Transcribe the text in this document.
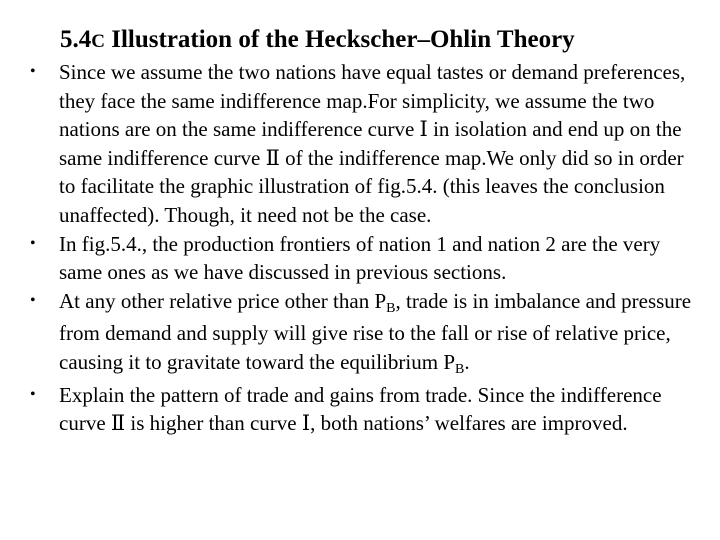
5.4C Illustration of the Heckscher–Ohlin Theory
•	Since we assume the two nations have equal tastes or demand preferences, they face the same indifference map.For simplicity, we assume the two nations are on the same indifference curve Ⅰ in isolation and end up on the same indifference curve Ⅱ of the indifference map.We only did so in order to facilitate the graphic illustration of fig.5.4. (this leaves the conclusion unaffected). Though, it need not be the case.
•	In fig.5.4., the production frontiers of nation 1 and nation 2 are the very same ones as we have discussed in previous sections.
•	At any other relative price other than PB, trade is in imbalance and pressure from demand and supply will give rise to the fall or rise of relative price, causing it to gravitate toward the equilibrium PB.
•	Explain the pattern of trade and gains from trade. Since the indifference curve Ⅱ is higher than curve Ⅰ, both nations’ welfares are improved.
